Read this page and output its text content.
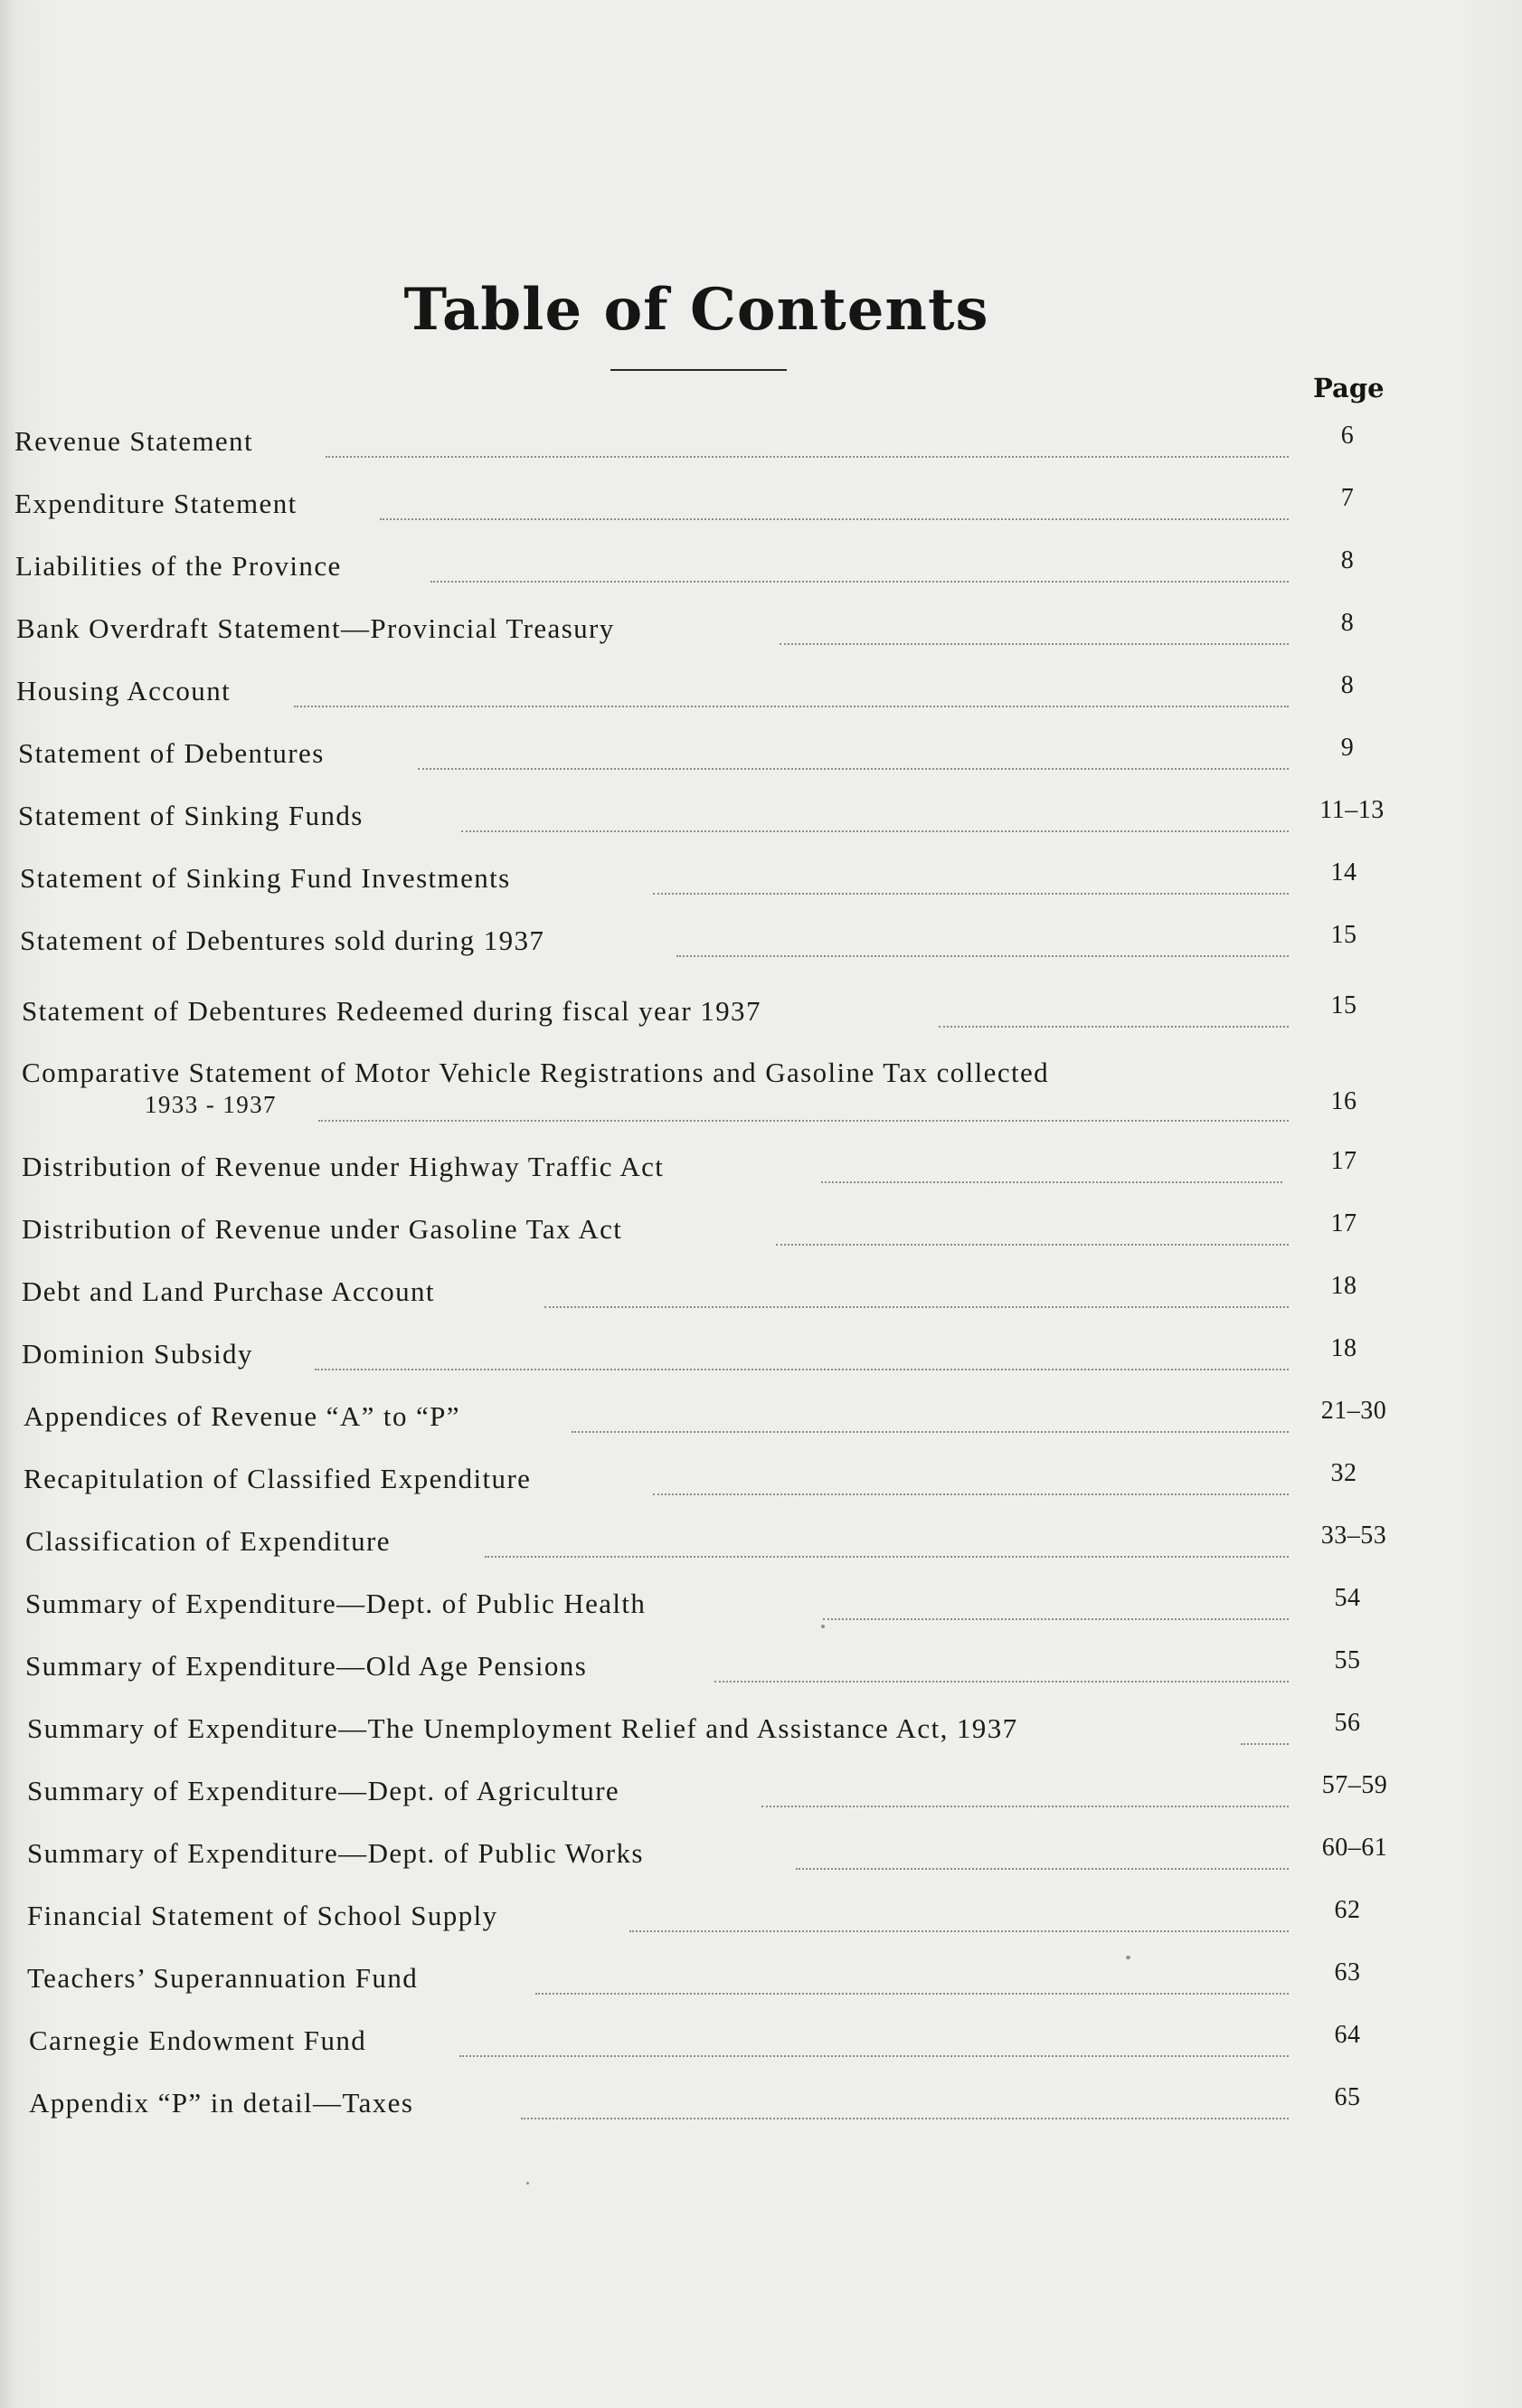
Table of Contents
Page
Revenue Statement	6
Expenditure Statement	7
Liabilities of the Province	8
Bank Overdraft Statement—Provincial Treasury	8
Housing Account	8
Statement of Debentures	9
Statement of Sinking Funds	11–13
Statement of Sinking Fund Investments	14
Statement of Debentures sold during 1937	15
Statement of Debentures Redeemed during fiscal year 1937	15
Comparative Statement of Motor Vehicle Registrations and Gasoline Tax collected
1933 - 1937	16
Distribution of Revenue under Highway Traffic Act	17
Distribution of Revenue under Gasoline Tax Act	17
Debt and Land Purchase Account	18
Dominion Subsidy	18
Appendices of Revenue “A” to “P”	21–30
Recapitulation of Classified Expenditure	32
Classification of Expenditure	33–53
Summary of Expenditure—Dept. of Public Health	54
Summary of Expenditure—Old Age Pensions	55
Summary of Expenditure—The Unemployment Relief and Assistance Act, 1937	56
Summary of Expenditure—Dept. of Agriculture	57–59
Summary of Expenditure—Dept. of Public Works	60–61
Financial Statement of School Supply	62
Teachers’ Superannuation Fund	63
Carnegie Endowment Fund	64
Appendix “P” in detail—Taxes	65
